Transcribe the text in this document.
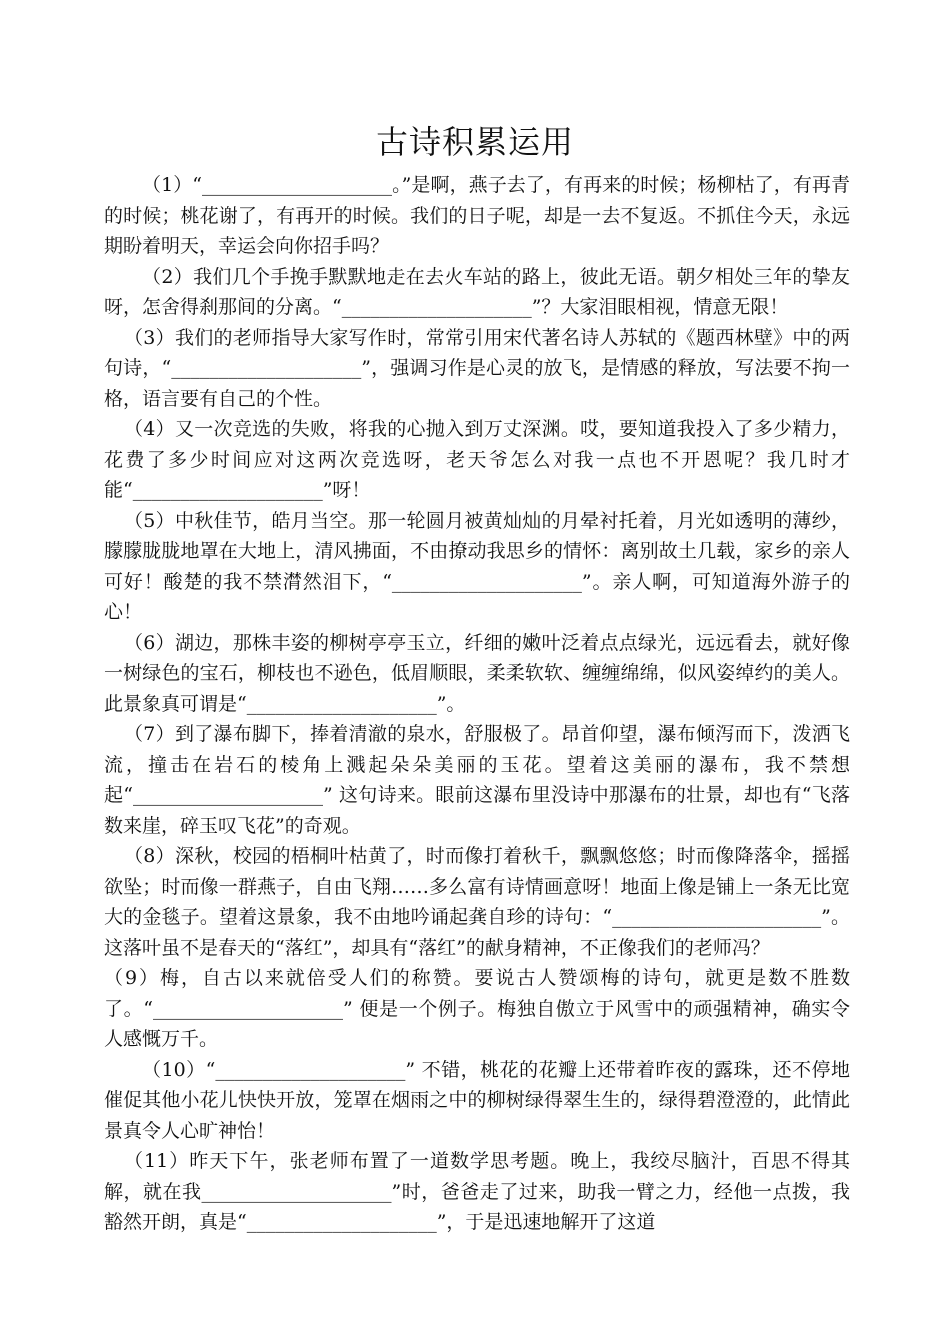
古诗积累运用

（1）“____________________。”是啊，燕子去了，有再来的时候；杨柳枯了，有再青的时候；桃花谢了，有再开的时候。我们的日子呢，却是一去不复返。不抓住今天，永远期盼着明天，幸运会向你招手吗？

（2）我们几个手挽手默默地走在去火车站的路上，彼此无语。朝夕相处三年的挚友呀，怎舍得刹那间的分离。“____________________”？大家泪眼相视，情意无限！

（3）我们的老师指导大家写作时，常常引用宋代著名诗人苏轼的《题西林壁》中的两句诗，“____________________”，强调习作是心灵的放飞，是情感的释放，写法要不拘一格，语言要有自己的个性。

（4）又一次竞选的失败，将我的心抛入到万丈深渊。哎，要知道我投入了多少精力，花费了多少时间应对这两次竞选呀，老天爷怎么对我一点也不开恩呢？我几时才能“____________________”呀！

（5）中秋佳节，皓月当空。那一轮圆月被黄灿灿的月晕衬托着，月光如透明的薄纱，朦朦胧胧地罩在大地上，清风拂面，不由撩动我思乡的情怀：离别故土几载，家乡的亲人可好！酸楚的我不禁潸然泪下，“____________________”。亲人啊，可知道海外游子的心！

（6）湖边，那株丰姿的柳树亭亭玉立，纤细的嫩叶泛着点点绿光，远远看去，就好像一树绿色的宝石，柳枝也不逊色，低眉顺眼，柔柔软软、缠缠绵绵，似风姿绰约的美人。此景象真可谓是“____________________”。

（7）到了瀑布脚下，捧着清澈的泉水，舒服极了。昂首仰望，瀑布倾泻而下，泼洒飞流，撞击在岩石的棱角上溅起朵朵美丽的玉花。望着这美丽的瀑布，我不禁想起“____________________” 这句诗来。眼前这瀑布里没诗中那瀑布的壮景，却也有“飞落数来崖，碎玉叹飞花”的奇观。

（8）深秋，校园的梧桐叶枯黄了，时而像打着秋千，飘飘悠悠；时而像降落伞，摇摇欲坠；时而像一群燕子，自由飞翔……多么富有诗情画意呀！地面上像是铺上一条无比宽大的金毯子。望着这景象，我不由地吟诵起龚自珍的诗句：“______________________”。这落叶虽不是春天的“落红”，却具有“落红”的献身精神，不正像我们的老师冯？

（9）梅，自古以来就倍受人们的称赞。要说古人赞颂梅的诗句，就更是数不胜数了。“____________________” 便是一个例子。梅独自傲立于风雪中的顽强精神，确实令人感慨万千。

（10）“____________________” 不错，桃花的花瓣上还带着昨夜的露珠，还不停地催促其他小花儿快快开放，笼罩在烟雨之中的柳树绿得翠生生的，绿得碧澄澄的，此情此景真令人心旷神怡！

（11）昨天下午，张老师布置了一道数学思考题。晚上，我绞尽脑汁，百思不得其解，就在我____________________”时，爸爸走了过来，助我一臂之力，经他一点拨，我豁然开朗，真是“____________________”，于是迅速地解开了这道
